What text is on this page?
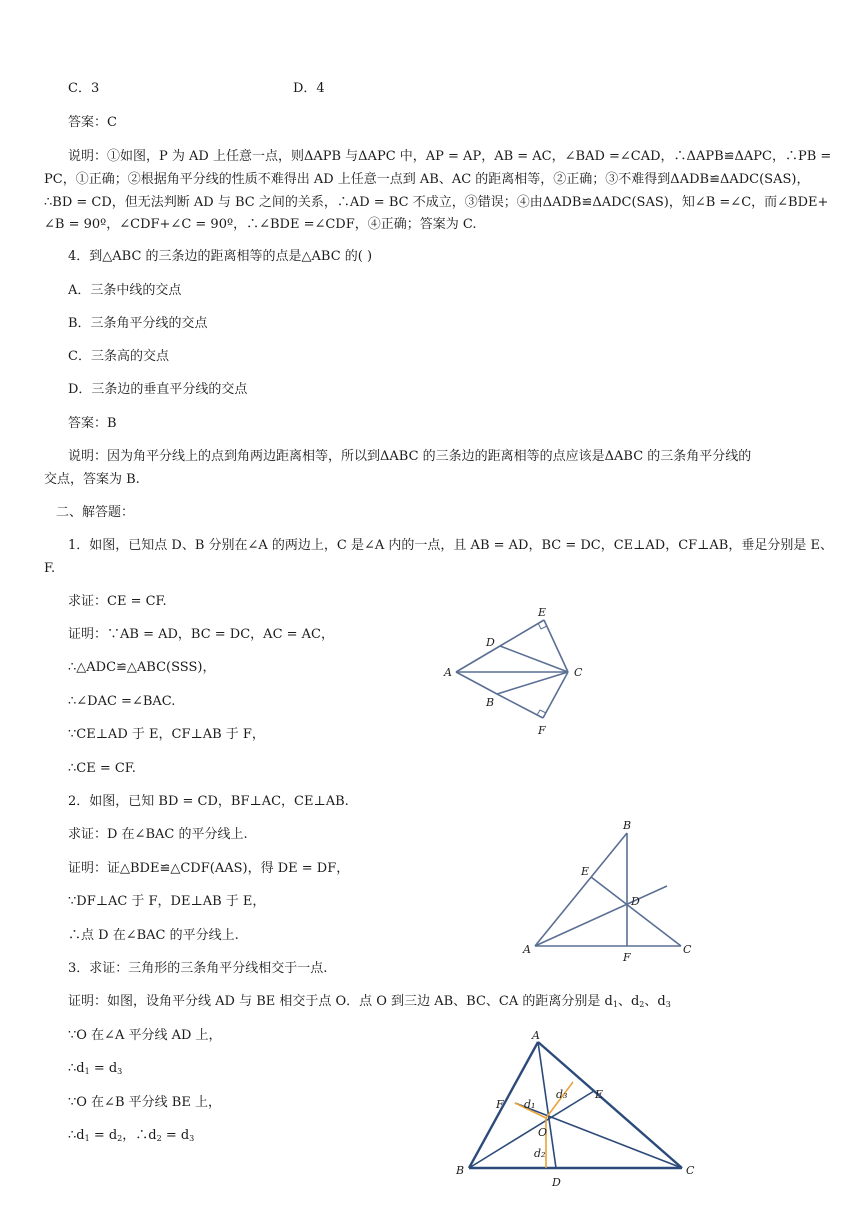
C．3	D．4
答案：C
说明：①如图，P 为 AD 上任意一点，则ΔAPB 与ΔAPC 中，AP = AP，AB = AC，∠BAD =∠CAD，∴ΔAPB≌ΔAPC，∴PB =
PC，①正确；②根据角平分线的性质不难得出 AD 上任意一点到 AB、AC 的距离相等，②正确；③不难得到ΔADB≌ΔADC(SAS)，
∴BD = CD，但无法判断 AD 与 BC 之间的关系，∴AD = BC 不成立，③错误；④由ΔADB≌ΔADC(SAS)，知∠B =∠C，而∠BDE+
∠B = 90º，∠CDF+∠C = 90º，∴∠BDE =∠CDF，④正确；答案为 C.
4．到△ABC 的三条边的距离相等的点是△ABC 的( )
A．三条中线的交点
B．三条角平分线的交点
C．三条高的交点
D．三条边的垂直平分线的交点
答案：B
说明：因为角平分线上的点到角两边距离相等，所以到ΔABC 的三条边的距离相等的点应该是ΔABC 的三条角平分线的
交点，答案为 B.
二、解答题：
1．如图，已知点 D、B 分别在∠A 的两边上，C 是∠A 内的一点，且 AB = AD，BC = DC，CE⊥AD，CF⊥AB，垂足分别是 E、
F.
求证：CE = CF.
证明：∵AB = AD，BC = DC，AC = AC，
∴△ADC≌△ABC(SSS)，
∴∠DAC =∠BAC.
∵CE⊥AD 于 E，CF⊥AB 于 F，
∴CE = CF.
A
D
E
C
B
F
2．如图，已知 BD = CD，BF⊥AC，CE⊥AB.
求证：D 在∠BAC 的平分线上.
证明：证△BDE≌△CDF(AAS)，得 DE = DF，
∵DF⊥AC 于 F，DE⊥AB 于 E，
∴点 D 在∠BAC 的平分线上.
B
E
D
A
F
C
3．求证：三角形的三条角平分线相交于一点.
证明：如图，设角平分线 AD 与 BE 相交于点 O．点 O 到三边 AB、BC、CA 的距离分别是 $d_1$、$d_2$、$d_3$
∵O 在∠A 平分线 AD 上，
$\therefore d_1 = d_3$
∵O 在∠B 平分线 BE 上，
$\therefore d_1 = d_2$，$\therefore d_2 = d_3$
A
F
E
O
B	C
D
d₁
d₃
d₂
